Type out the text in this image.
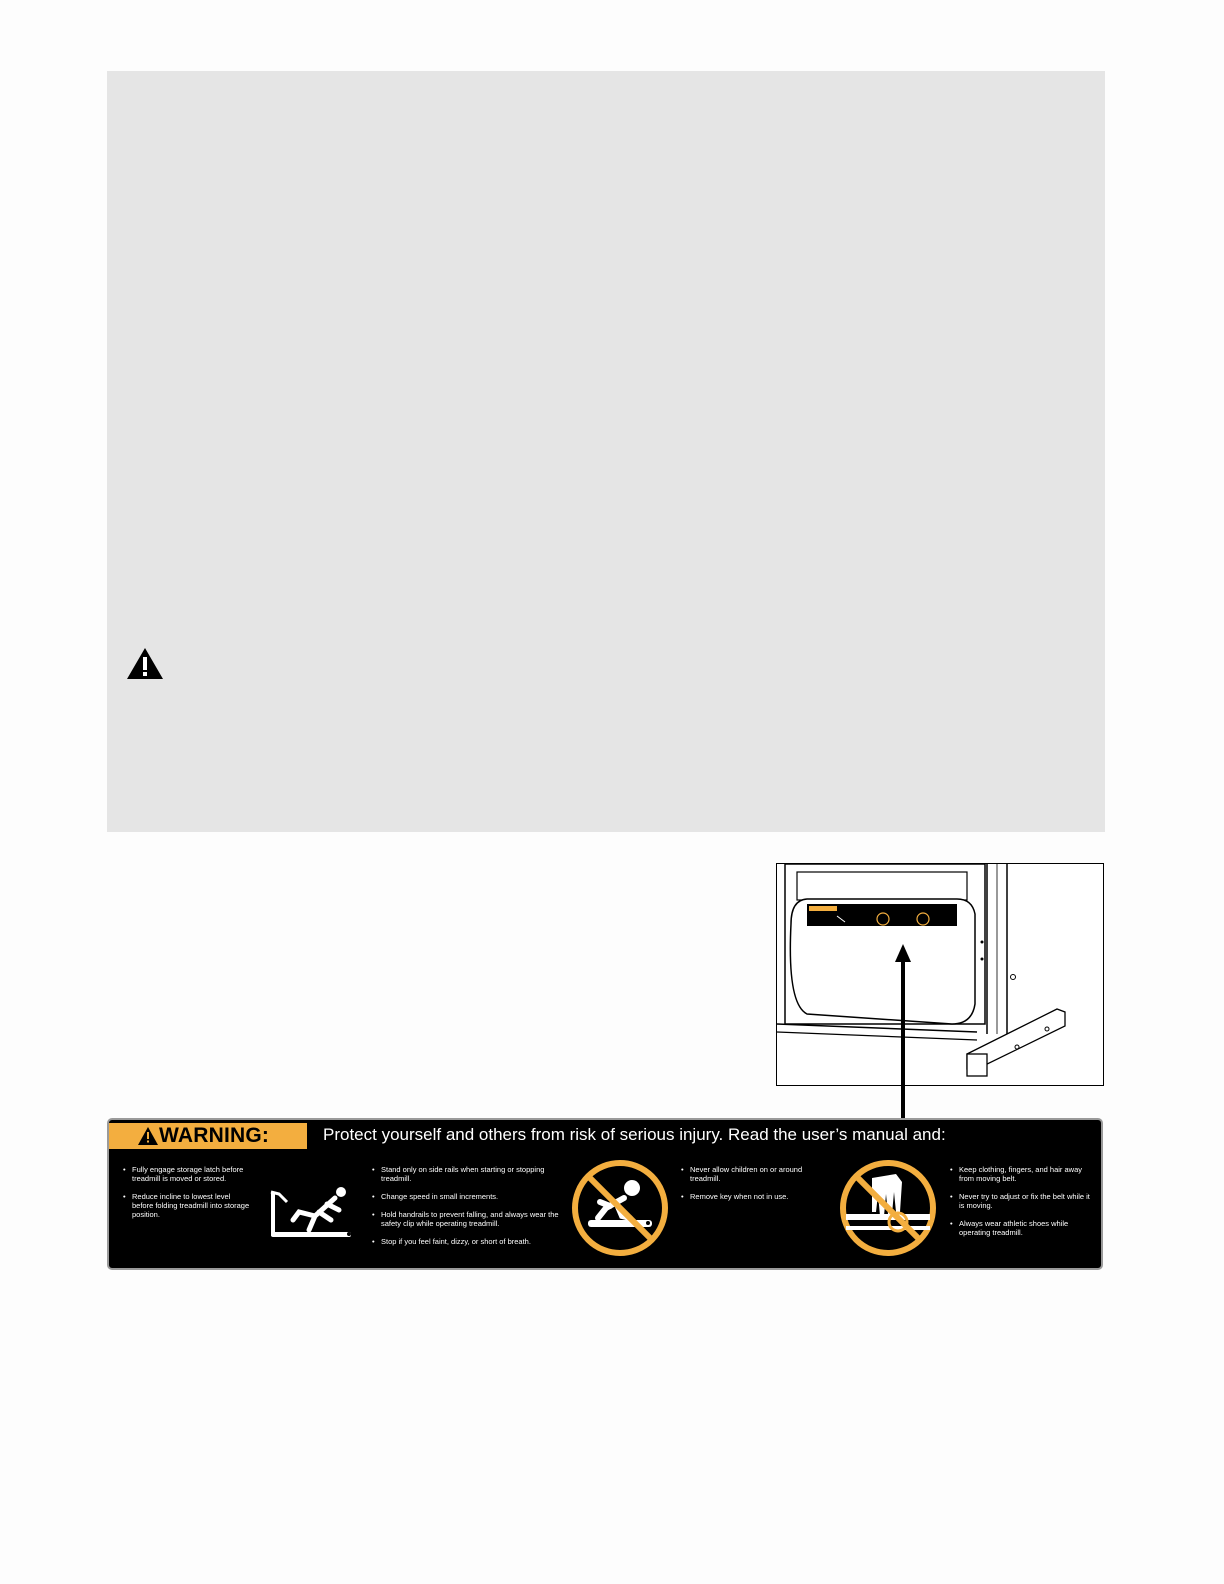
WARNING:	Protect yourself and others from risk of serious injury. Read the user’s manual and:
• Fully engage storage latch before treadmill is moved or stored.
• Reduce incline to lowest level before folding treadmill into storage position.
• Stand only on side rails when starting or stopping treadmill.
• Change speed in small increments.
• Hold handrails to prevent falling, and always wear the safety clip while operating treadmill.
• Stop if you feel faint, dizzy, or short of breath.
• Never allow children on or around treadmill.
• Remove key when not in use.
• Keep clothing, fingers, and hair away from moving belt.
• Never try to adjust or fix the belt while it is moving.
• Always wear athletic shoes while operating treadmill.
